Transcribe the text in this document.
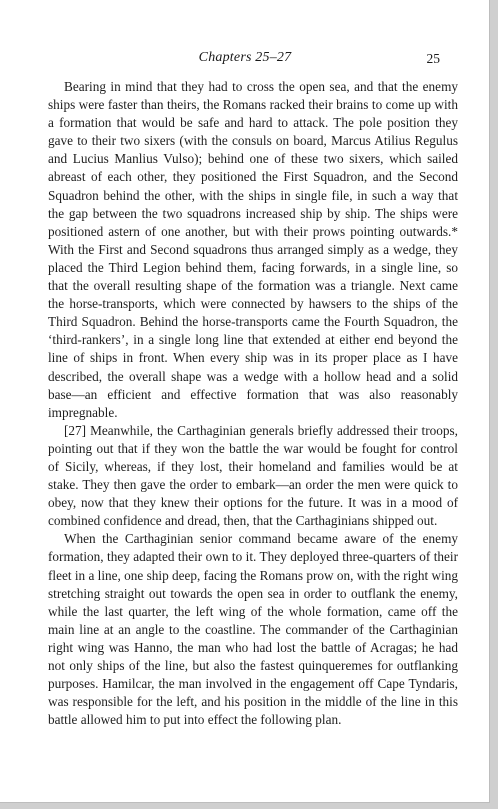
Chapters 25–27	25

Bearing in mind that they had to cross the open sea, and that the enemy ships were faster than theirs, the Romans racked their brains to come up with a formation that would be safe and hard to attack. The pole position they gave to their two sixers (with the consuls on board, Marcus Atilius Regulus and Lucius Manlius Vulso); behind one of these two sixers, which sailed abreast of each other, they positioned the First Squadron, and the Second Squadron behind the other, with the ships in single file, in such a way that the gap between the two squadrons increased ship by ship. The ships were positioned astern of one another, but with their prows pointing outwards.* With the First and Second squadrons thus arranged simply as a wedge, they placed the Third Legion behind them, facing forwards, in a single line, so that the overall resulting shape of the formation was a triangle. Next came the horse-transports, which were connected by hawsers to the ships of the Third Squadron. Behind the horse-transports came the Fourth Squadron, the ‘third-rankers’, in a single long line that extended at either end beyond the line of ships in front. When every ship was in its proper place as I have described, the overall shape was a wedge with a hollow head and a solid base—an efficient and effective formation that was also reasonably impregnable.

[27] Meanwhile, the Carthaginian generals briefly addressed their troops, pointing out that if they won the battle the war would be fought for control of Sicily, whereas, if they lost, their homeland and families would be at stake. They then gave the order to embark—an order the men were quick to obey, now that they knew their options for the future. It was in a mood of combined confidence and dread, then, that the Carthaginians shipped out.

When the Carthaginian senior command became aware of the enemy formation, they adapted their own to it. They deployed three-quarters of their fleet in a line, one ship deep, facing the Romans prow on, with the right wing stretching straight out towards the open sea in order to outflank the enemy, while the last quarter, the left wing of the whole formation, came off the main line at an angle to the coastline. The commander of the Carthaginian right wing was Hanno, the man who had lost the battle of Acragas; he had not only ships of the line, but also the fastest quinqueremes for outflanking purposes. Hamilcar, the man involved in the engagement off Cape Tyndaris, was responsible for the left, and his position in the middle of the line in this battle allowed him to put into effect the following plan.
